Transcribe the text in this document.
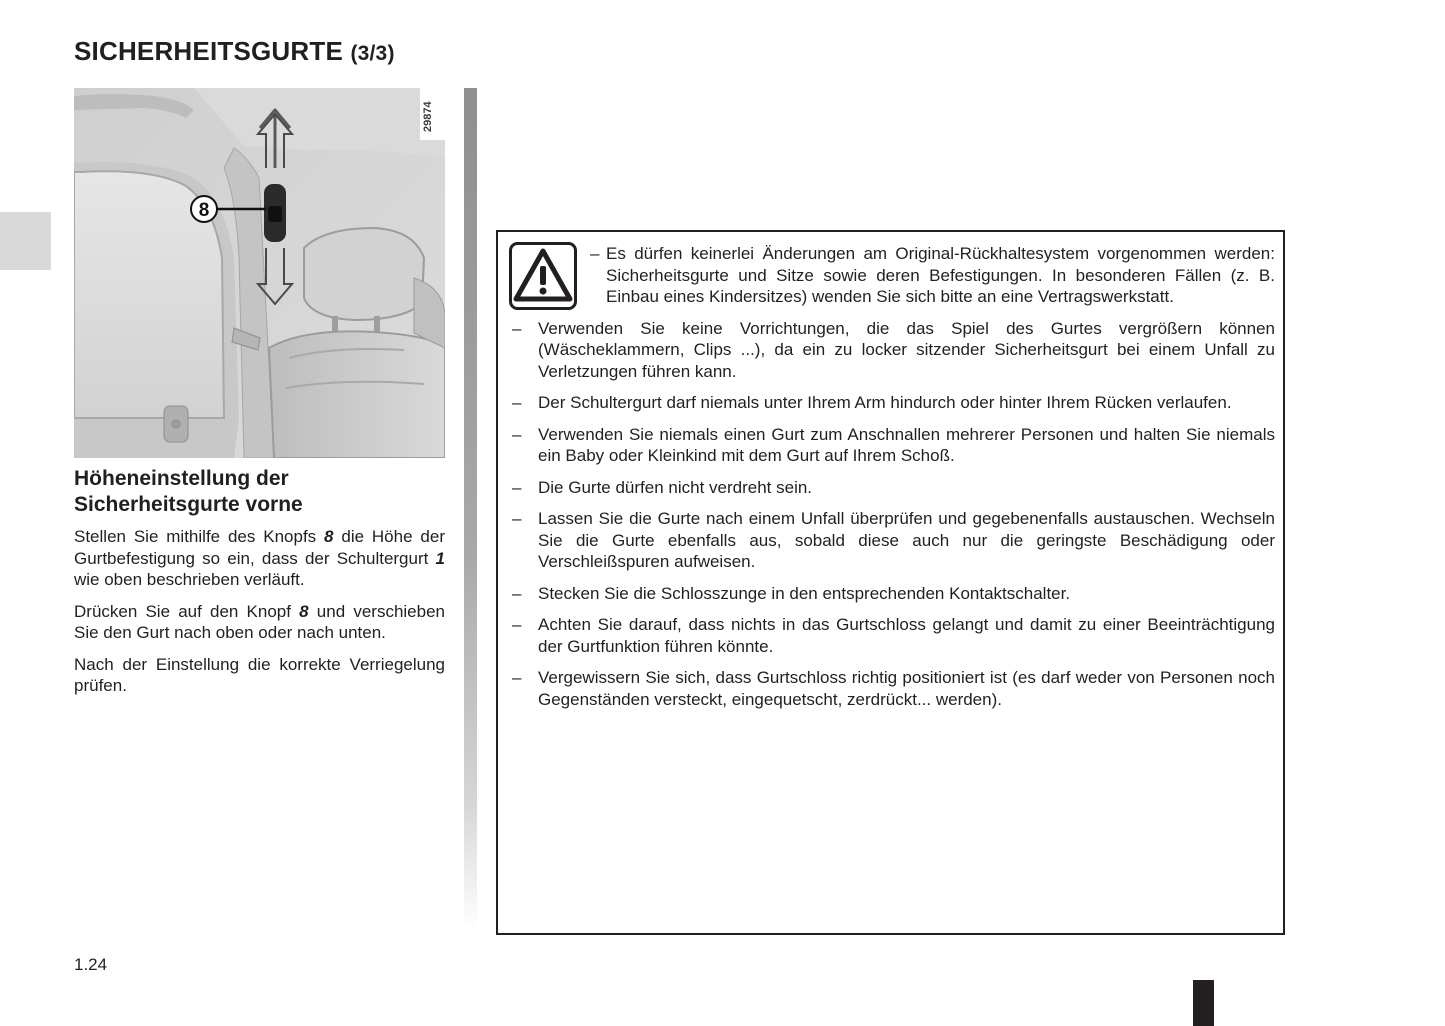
SICHERHEITSGURTE (3/3)
8
29874
Höheneinstellung der
Sicherheitsgurte vorne

Stellen Sie mithilfe des Knopfs 8 die Höhe der Gurtbefestigung so ein, dass der Schultergurt 1 wie oben beschrieben verläuft.

Drücken Sie auf den Knopf 8 und verschieben Sie den Gurt nach oben oder nach unten.

Nach der Einstellung die korrekte Verriegelung prüfen.

– Es dürfen keinerlei Änderungen am Original-Rückhaltesystem vorgenommen werden: Sicherheitsgurte und Sitze sowie deren Befestigungen. In besonderen Fällen (z. B. Einbau eines Kindersitzes) wenden Sie sich bitte an eine Vertragswerkstatt.
– Verwenden Sie keine Vorrichtungen, die das Spiel des Gurtes vergrößern können (Wäscheklammern, Clips ...), da ein zu locker sitzender Sicherheitsgurt bei einem Unfall zu Verletzungen führen kann.
– Der Schultergurt darf niemals unter Ihrem Arm hindurch oder hinter Ihrem Rücken verlaufen.
– Verwenden Sie niemals einen Gurt zum Anschnallen mehrerer Personen und halten Sie niemals ein Baby oder Kleinkind mit dem Gurt auf Ihrem Schoß.
– Die Gurte dürfen nicht verdreht sein.
– Lassen Sie die Gurte nach einem Unfall überprüfen und gegebenenfalls austauschen. Wechseln Sie die Gurte ebenfalls aus, sobald diese auch nur die geringste Beschädigung oder Verschleißspuren aufweisen.
– Stecken Sie die Schlosszunge in den entsprechenden Kontaktschalter.
– Achten Sie darauf, dass nichts in das Gurtschloss gelangt und damit zu einer Beeinträchtigung der Gurtfunktion führen könnte.
– Vergewissern Sie sich, dass Gurtschloss richtig positioniert ist (es darf weder von Personen noch Gegenständen versteckt, eingequetscht, zerdrückt... werden).
1.24
